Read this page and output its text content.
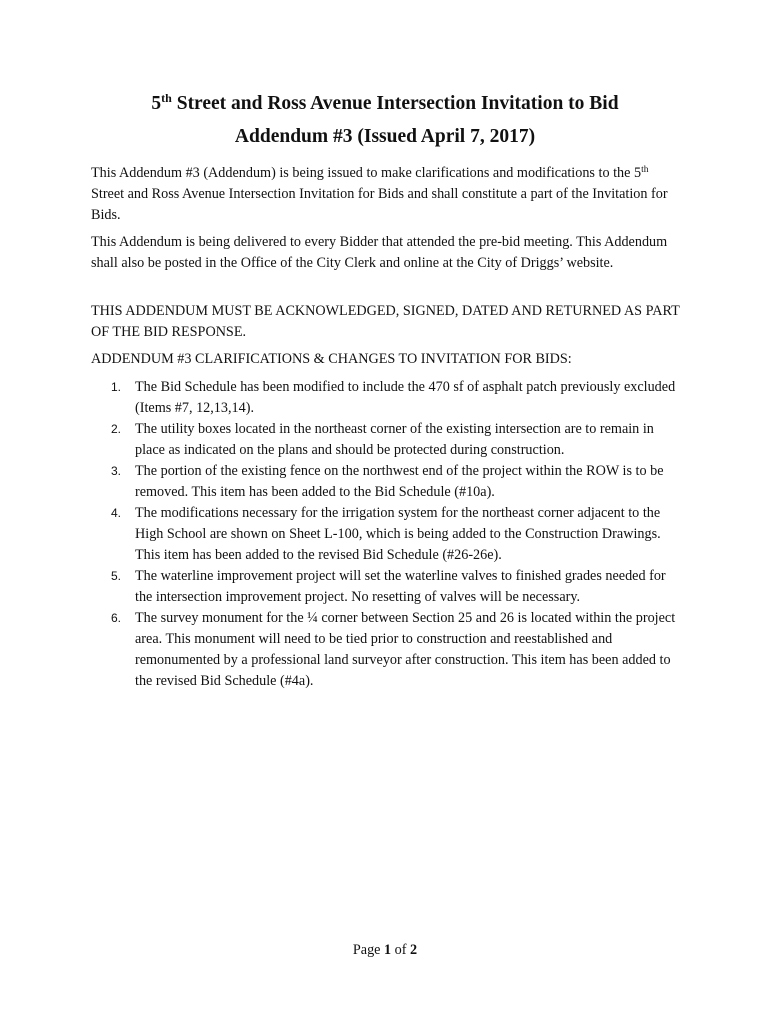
5th Street and Ross Avenue Intersection Invitation to Bid
Addendum #3 (Issued April 7, 2017)

This Addendum #3 (Addendum) is being issued to make clarifications and modifications to the 5th Street and Ross Avenue Intersection Invitation for Bids and shall constitute a part of the Invitation for Bids.

This Addendum is being delivered to every Bidder that attended the pre-bid meeting. This Addendum shall also be posted in the Office of the City Clerk and online at the City of Driggs’ website.

THIS ADDENDUM MUST BE ACKNOWLEDGED, SIGNED, DATED AND RETURNED AS PART OF THE BID RESPONSE.

ADDENDUM #3 CLARIFICATIONS & CHANGES TO INVITATION FOR BIDS:

1. The Bid Schedule has been modified to include the 470 sf of asphalt patch previously excluded (Items #7, 12,13,14).
2. The utility boxes located in the northeast corner of the existing intersection are to remain in place as indicated on the plans and should be protected during construction.
3. The portion of the existing fence on the northwest end of the project within the ROW is to be removed. This item has been added to the Bid Schedule (#10a).
4. The modifications necessary for the irrigation system for the northeast corner adjacent to the High School are shown on Sheet L-100, which is being added to the Construction Drawings. This item has been added to the revised Bid Schedule (#26-26e).
5. The waterline improvement project will set the waterline valves to finished grades needed for the intersection improvement project. No resetting of valves will be necessary.
6. The survey monument for the ¼ corner between Section 25 and 26 is located within the project area. This monument will need to be tied prior to construction and reestablished and remonumented by a professional land surveyor after construction. This item has been added to the revised Bid Schedule (#4a).
Page 1 of 2
